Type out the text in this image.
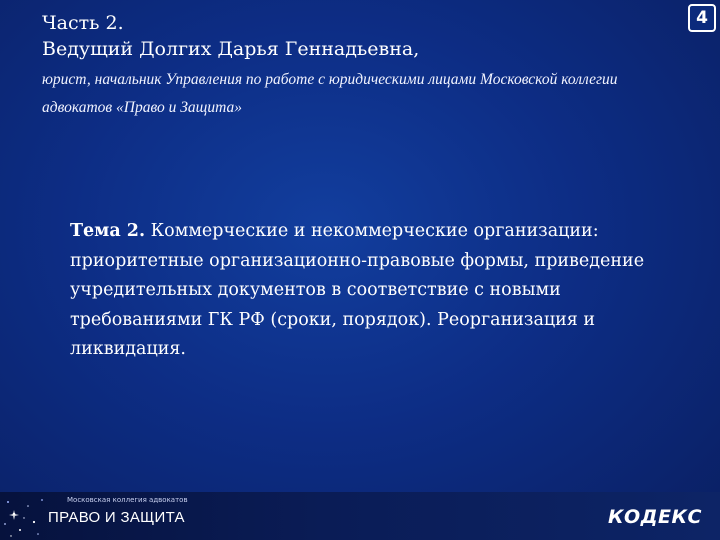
Часть 2.

Ведущий Долгих Дарья Геннадьевна,

юрист, начальник Управления по работе с юридическими лицами Московской коллегии адвокатов «Право и Защита»
4
Тема 2. Коммерческие и некоммерческие организации: приоритетные организационно-правовые формы, приведение учредительных документов в соответствие с новыми требованиями ГК РФ (сроки, порядок). Реорганизация и ликвидация.
Московская коллегия адвокатов
ПРАВО И ЗАЩИТА	КОДЕКС
